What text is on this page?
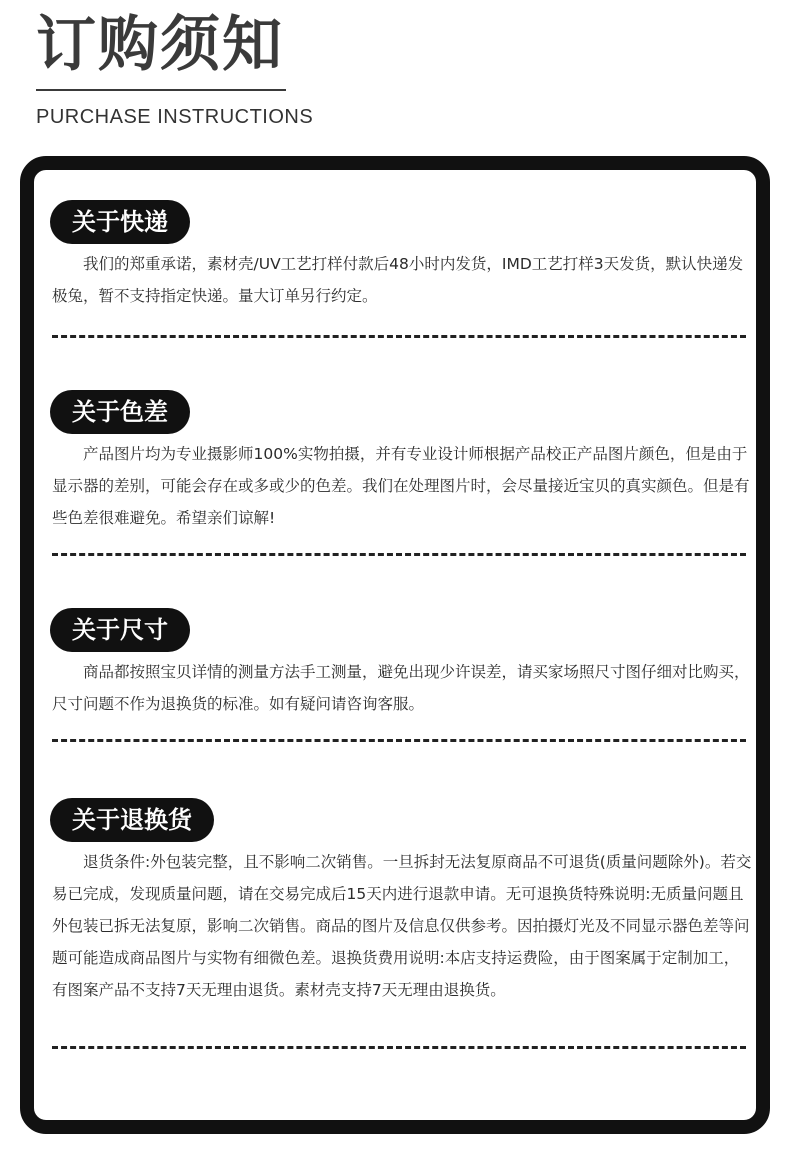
订购须知
PURCHASE INSTRUCTIONS
关于快递

我们的郑重承诺，素材壳/UV工艺打样付款后48小时内发货，IMD工艺打样3天发货，默认快递发极兔，暂不支持指定快递。量大订单另行约定。

关于色差

产品图片均为专业摄影师100%实物拍摄，并有专业设计师根据产品校正产品图片颜色，但是由于显示器的差别，可能会存在或多或少的色差。我们在处理图片时，会尽量接近宝贝的真实颜色。但是有些色差很难避免。希望亲们谅解!

关于尺寸

商品都按照宝贝详情的测量方法手工测量，避免出现少许误差，请买家场照尺寸图仔细对比购买，尺寸问题不作为退换货的标准。如有疑问请咨询客服。

关于退换货

退货条件:外包装完整，且不影响二次销售。一旦拆封无法复原商品不可退货(质量问题除外)。若交易已完成，发现质量问题，请在交易完成后15天内进行退款申请。无可退换货特殊说明:无质量问题且外包装已拆无法复原，影响二次销售。商品的图片及信息仅供参考。因拍摄灯光及不同显示器色差等问题可能造成商品图片与实物有细微色差。退换货费用说明:本店支持运费险，由于图案属于定制加工，有图案产品不支持7天无理由退货。素材壳支持7天无理由退换货。
